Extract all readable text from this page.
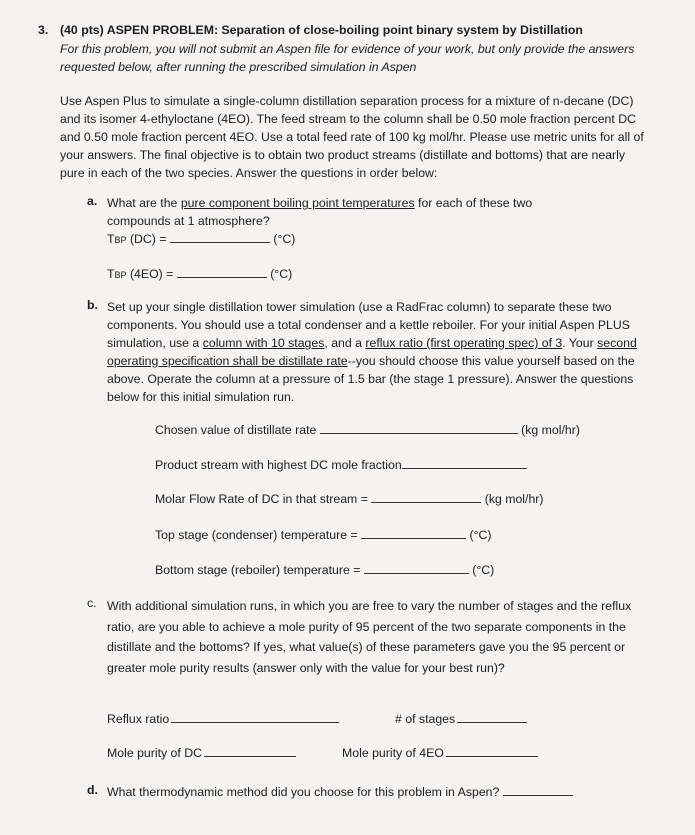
3. (40 pts) ASPEN PROBLEM: Separation of close-boiling point binary system by Distillation
For this problem, you will not submit an Aspen file for evidence of your work, but only provide the answers requested below, after running the prescribed simulation in Aspen
Use Aspen Plus to simulate a single-column distillation separation process for a mixture of n-decane (DC) and its isomer 4-ethyloctane (4EO). The feed stream to the column shall be 0.50 mole fraction percent DC and 0.50 mole fraction percent 4EO. Use a total feed rate of 100 kg mol/hr. Please use metric units for all of your answers. The final objective is to obtain two product streams (distillate and bottoms) that are nearly pure in each of the two species. Answer the questions in order below:
a. What are the pure component boiling point temperatures for each of these two compounds at 1 atmosphere?
TBP (DC) =	(°C)
TBP (4EO) =	(°C)
b. Set up your single distillation tower simulation (use a RadFrac column) to separate these two components. You should use a total condenser and a kettle reboiler. For your initial Aspen PLUS simulation, use a column with 10 stages, and a reflux ratio (first operating spec) of 3. Your second operating specification shall be distillate rate--you should choose this value yourself based on the above. Operate the column at a pressure of 1.5 bar (the stage 1 pressure). Answer the questions below for this initial simulation run.
Chosen value of distillate rate	(kg mol/hr)
Product stream with highest DC mole fraction
Molar Flow Rate of DC in that stream =	(kg mol/hr)
Top stage (condenser) temperature =	(°C)
Bottom stage (reboiler) temperature =	(°C)
c. With additional simulation runs, in which you are free to vary the number of stages and the reflux ratio, are you able to achieve a mole purity of 95 percent of the two separate components in the distillate and the bottoms? If yes, what value(s) of these parameters gave you the 95 percent or greater mole purity results (answer only with the value for your best run)?
Reflux ratio	# of stages
Mole purity of DC	Mole purity of 4EO
d. What thermodynamic method did you choose for this problem in Aspen?
